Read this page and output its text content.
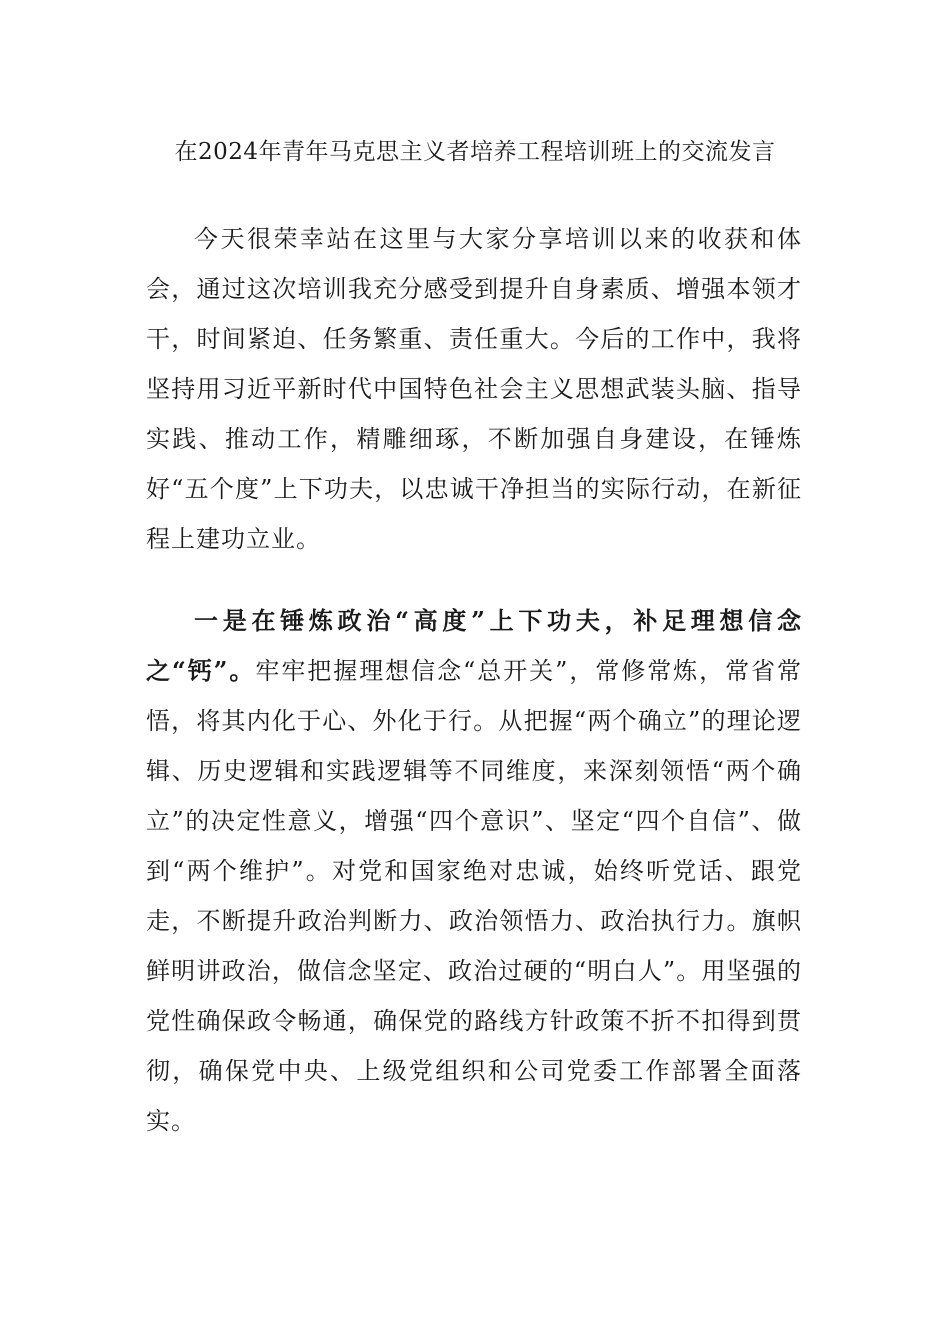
在2024年青年马克思主义者培养工程培训班上的交流发言

今天很荣幸站在这里与大家分享培训以来的收获和体会，通过这次培训我充分感受到提升自身素质、增强本领才干，时间紧迫、任务繁重、责任重大。今后的工作中，我将坚持用习近平新时代中国特色社会主义思想武装头脑、指导实践、推动工作，精雕细琢，不断加强自身建设，在锤炼好“五个度”上下功夫，以忠诚干净担当的实际行动，在新征程上建功立业。

一是在锤炼政治“高度”上下功夫，补足理想信念之“钙”。牢牢把握理想信念“总开关”，常修常炼，常省常悟，将其内化于心、外化于行。从把握“两个确立”的理论逻辑、历史逻辑和实践逻辑等不同维度，来深刻领悟“两个确立”的决定性意义，增强“四个意识”、坚定“四个自信”、做到“两个维护”。对党和国家绝对忠诚，始终听党话、跟党走，不断提升政治判断力、政治领悟力、政治执行力。旗帜鲜明讲政治，做信念坚定、政治过硬的“明白人”。用坚强的党性确保政令畅通，确保党的路线方针政策不折不扣得到贯彻，确保党中央、上级党组织和公司党委工作部署全面落实。
